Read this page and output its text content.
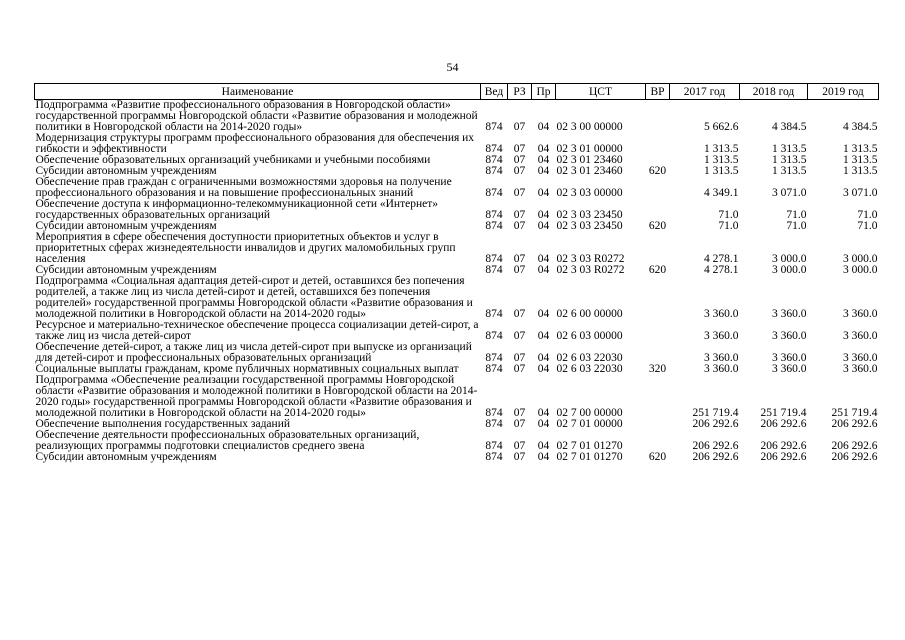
54
Наименование	Вед	РЗ	Пр	ЦСТ	ВР	2017 год	2018 год	2019 год
Подпрограмма «Развитие профессионального образования в Новгородской области» государственной программы Новгородской области «Развитие образования и молодежной политики в Новгородской области на 2014-2020 годы»	874	07	04	02 3 00 00000		5 662.6	4 384.5	4 384.5
Модернизация структуры программ профессионального образования для обеспечения их гибкости и эффективности	874	07	04	02 3 01 00000		1 313.5	1 313.5	1 313.5
Обеспечение образовательных организаций учебниками и учебными пособиями	874	07	04	02 3 01 23460		1 313.5	1 313.5	1 313.5
Субсидии автономным учреждениям	874	07	04	02 3 01 23460	620	1 313.5	1 313.5	1 313.5
Обеспечение прав граждан с ограниченными возможностями здоровья на получение профессионального образования и на повышение профессиональных знаний	874	07	04	02 3 03 00000		4 349.1	3 071.0	3 071.0
Обеспечение доступа к информационно-телекоммуникационной сети «Интернет» государственных образовательных организаций	874	07	04	02 3 03 23450		71.0	71.0	71.0
Субсидии автономным учреждениям	874	07	04	02 3 03 23450	620	71.0	71.0	71.0
Мероприятия в сфере обеспечения доступности приоритетных объектов и услуг в приоритетных сферах жизнедеятельности инвалидов и других маломобильных групп населения	874	07	04	02 3 03 R0272		4 278.1	3 000.0	3 000.0
Субсидии автономным учреждениям	874	07	04	02 3 03 R0272	620	4 278.1	3 000.0	3 000.0
Подпрограмма «Социальная адаптация детей-сирот и детей, оставшихся без попечения родителей, а также лиц из числа детей-сирот и детей, оставшихся без попечения родителей» государственной программы Новгородской области «Развитие образования и молодежной политики в Новгородской области на 2014-2020 годы»	874	07	04	02 6 00 00000		3 360.0	3 360.0	3 360.0
Ресурсное и материально-техническое обеспечение процесса социализации детей-сирот, а также лиц из числа детей-сирот	874	07	04	02 6 03 00000		3 360.0	3 360.0	3 360.0
Обеспечение детей-сирот, а также лиц из числа детей-сирот при выпуске из организаций для детей-сирот и профессиональных образовательных организаций	874	07	04	02 6 03 22030		3 360.0	3 360.0	3 360.0
Социальные выплаты гражданам, кроме публичных нормативных социальных выплат	874	07	04	02 6 03 22030	320	3 360.0	3 360.0	3 360.0
Подпрограмма «Обеспечение реализации государственной программы Новгородской области «Развитие образования и молодежной политики в Новгородской области на 2014-2020 годы» государственной программы Новгородской области «Развитие образования и молодежной политики в Новгородской области на 2014-2020 годы»	874	07	04	02 7 00 00000		251 719.4	251 719.4	251 719.4
Обеспечение выполнения государственных заданий	874	07	04	02 7 01 00000		206 292.6	206 292.6	206 292.6
Обеспечение деятельности профессиональных образовательных организаций, реализующих программы подготовки специалистов среднего звена	874	07	04	02 7 01 01270		206 292.6	206 292.6	206 292.6
Субсидии автономным учреждениям	874	07	04	02 7 01 01270	620	206 292.6	206 292.6	206 292.6
